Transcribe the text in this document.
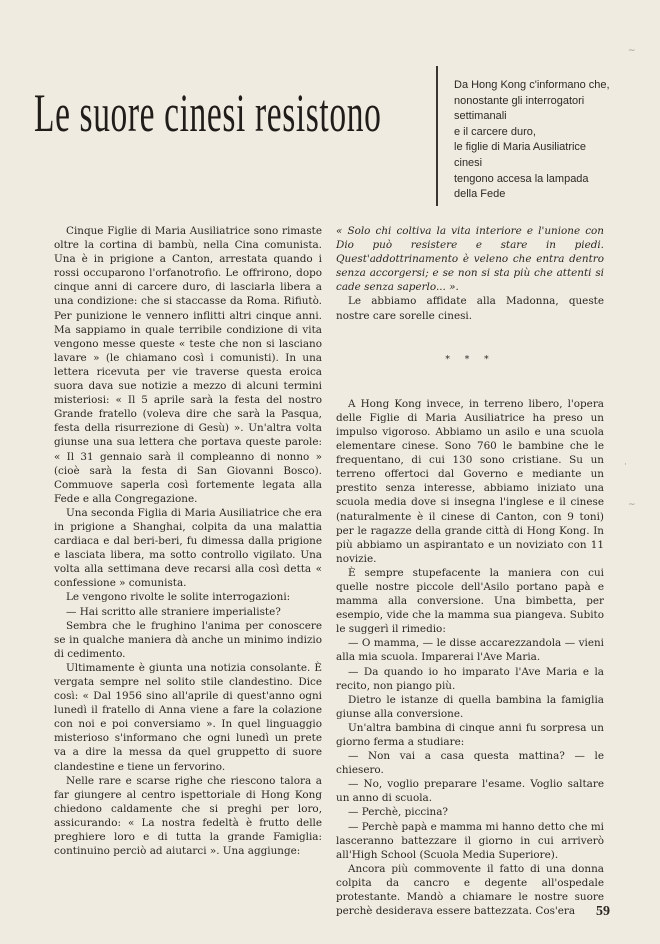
Le suore cinesi resistono	Da Hong Kong c'informano che,
nonostante gli interrogatori
settimanali
e il carcere duro,
le figlie di Maria Ausiliatrice
cinesi
tengono accesa la lampada
della Fede

Cinque Figlie di Maria Ausiliatrice sono rimaste oltre la cortina di bambù, nella Cina comunista. Una è in prigione a Canton, arrestata quando i rossi occuparono l'orfanotrofio. Le offrirono, dopo cinque anni di carcere duro, di lasciarla libera a una condizione: che si staccasse da Roma. Rifiutò. Per punizione le vennero inflitti altri cinque anni. Ma sappiamo in quale terribile condizione di vita vengono messe queste « teste che non si lasciano lavare » (le chiamano così i comunisti). In una lettera ricevuta per vie traverse questa eroica suora dava sue notizie a mezzo di alcuni termini misteriosi: « Il 5 aprile sarà la festa del nostro Grande fratello (voleva dire che sarà la Pasqua, festa della risurrezione di Gesù) ». Un'altra volta giunse una sua lettera che portava queste parole: « Il 31 gennaio sarà il compleanno di nonno » (cioè sarà la festa di San Giovanni Bosco). Commuove saperla così fortemente legata alla Fede e alla Congregazione.

Una seconda Figlia di Maria Ausiliatrice che era in prigione a Shanghai, colpita da una malattia cardiaca e dal beri-beri, fu dimessa dalla prigione e lasciata libera, ma sotto controllo vigilato. Una volta alla settimana deve recarsi alla così detta « confessione » comunista.

Le vengono rivolte le solite interrogazioni:

— Hai scritto alle straniere imperialiste?

Sembra che le frughino l'anima per conoscere se in qualche maniera dà anche un minimo indizio di cedimento.

Ultimamente è giunta una notizia consolante. È vergata sempre nel solito stile clandestino. Dice così: « Dal 1956 sino all'aprile di quest'anno ogni lunedì il fratello di Anna viene a fare la colazione con noi e poi conversiamo ». In quel linguaggio misterioso s'informano che ogni lunedì un prete va a dire la messa da quel gruppetto di suore clandestine e tiene un fervorino.

Nelle rare e scarse righe che riescono talora a far giungere al centro ispettoriale di Hong Kong chiedono caldamente che si preghi per loro, assicurando: « La nostra fedeltà è frutto delle preghiere loro e di tutta la grande Famiglia: continuino perciò ad aiutarci ». Una aggiunge:

« Solo chi coltiva la vita interiore e l'unione con Dio può resistere e stare in piedi. Quest'addottrinamento è veleno che entra dentro senza accorgersi; e se non si sta più che attenti si cade senza saperlo... ».

Le abbiamo affidate alla Madonna, queste nostre care sorelle cinesi.

* * *

A Hong Kong invece, in terreno libero, l'opera delle Figlie di Maria Ausiliatrice ha preso un impulso vigoroso. Abbiamo un asilo e una scuola elementare cinese. Sono 760 le bambine che le frequentano, di cui 130 sono cristiane. Su un terreno offertoci dal Governo e mediante un prestito senza interesse, abbiamo iniziato una scuola media dove si insegna l'inglese e il cinese (naturalmente è il cinese di Canton, con 9 toni) per le ragazze della grande città di Hong Kong. In più abbiamo un aspirantato e un noviziato con 11 novizie.

È sempre stupefacente la maniera con cui quelle nostre piccole dell'Asilo portano papà e mamma alla conversione. Una bimbetta, per esempio, vide che la mamma sua piangeva. Subito le suggerì il rimedio:

— O mamma, — le disse accarezzandola — vieni alla mia scuola. Imparerai l'Ave Maria.

— Da quando io ho imparato l'Ave Maria e la recito, non piango più.

Dietro le istanze di quella bambina la famiglia giunse alla conversione.

Un'altra bambina di cinque anni fu sorpresa un giorno ferma a studiare:

— Non vai a casa questa mattina? — le chiesero.

— No, voglio preparare l'esame. Voglio saltare un anno di scuola.

— Perchè, piccina?

— Perchè papà e mamma mi hanno detto che mi lasceranno battezzare il giorno in cui arriverò all'High School (Scuola Media Superiore).

Ancora più commovente il fatto di una donna colpita da cancro e degente all'ospedale protestante. Mandò a chiamare le nostre suore perchè desiderava essere battezzata. Cos'era	59
~
·
~
